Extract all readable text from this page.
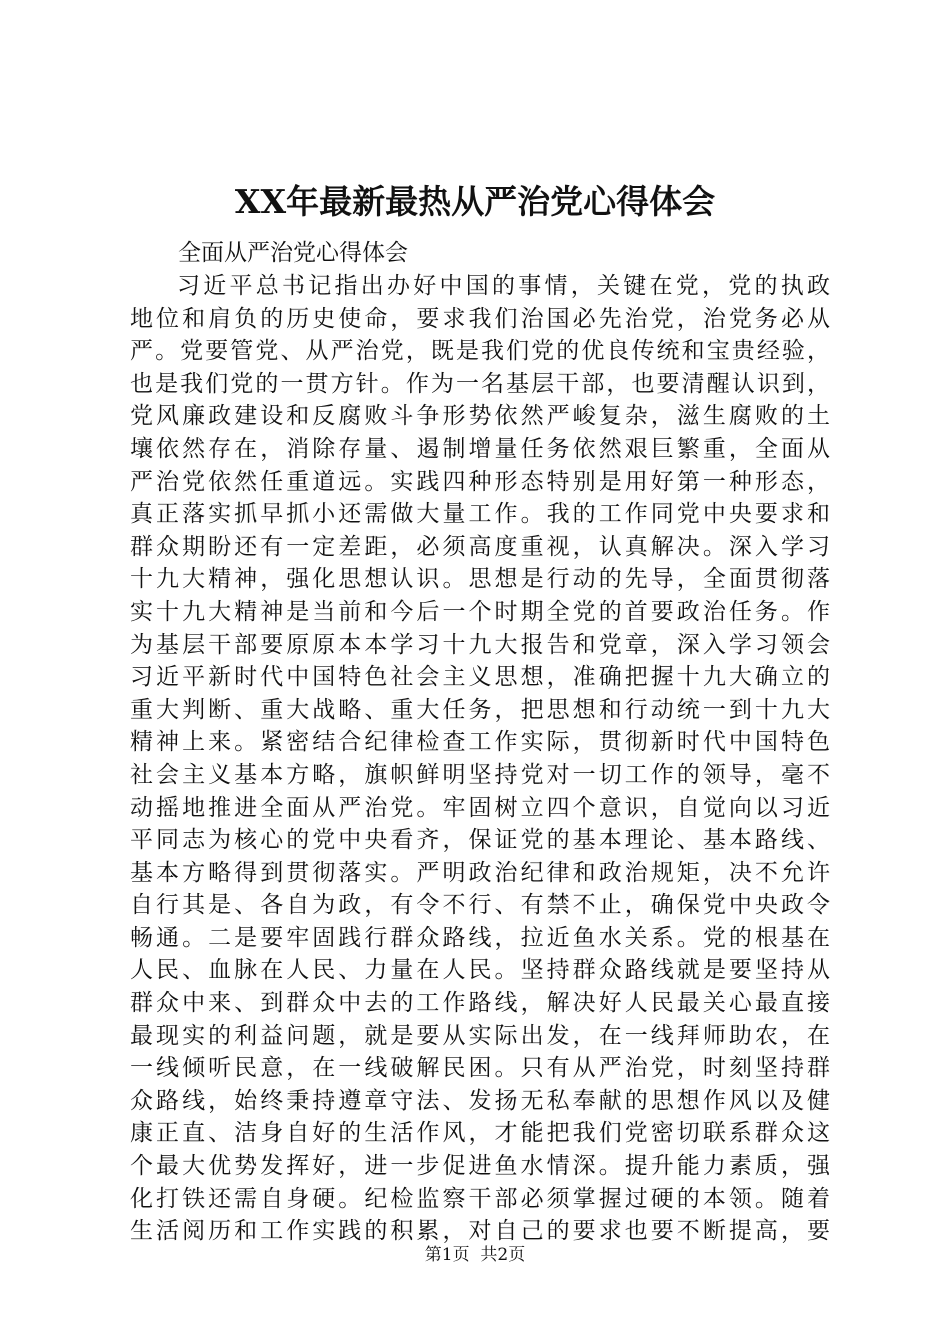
XX年最新最热从严治党心得体会

全面从严治党心得体会

习近平总书记指出办好中国的事情，关键在党，党的执政
地位和肩负的历史使命，要求我们治国必先治党，治党务必从
严。党要管党、从严治党，既是我们党的优良传统和宝贵经验，
也是我们党的一贯方针。作为一名基层干部，也要清醒认识到，
党风廉政建设和反腐败斗争形势依然严峻复杂，滋生腐败的土
壤依然存在，消除存量、遏制增量任务依然艰巨繁重，全面从
严治党依然任重道远。实践四种形态特别是用好第一种形态，
真正落实抓早抓小还需做大量工作。我的工作同党中央要求和
群众期盼还有一定差距，必须高度重视，认真解决。深入学习
十九大精神，强化思想认识。思想是行动的先导，全面贯彻落
实十九大精神是当前和今后一个时期全党的首要政治任务。作
为基层干部要原原本本学习十九大报告和党章，深入学习领会
习近平新时代中国特色社会主义思想，准确把握十九大确立的
重大判断、重大战略、重大任务，把思想和行动统一到十九大
精神上来。紧密结合纪律检查工作实际，贯彻新时代中国特色
社会主义基本方略，旗帜鲜明坚持党对一切工作的领导，毫不
动摇地推进全面从严治党。牢固树立四个意识，自觉向以习近
平同志为核心的党中央看齐，保证党的基本理论、基本路线、
基本方略得到贯彻落实。严明政治纪律和政治规矩，决不允许
自行其是、各自为政，有令不行、有禁不止，确保党中央政令
畅通。二是要牢固践行群众路线，拉近鱼水关系。党的根基在
人民、血脉在人民、力量在人民。坚持群众路线就是要坚持从
群众中来、到群众中去的工作路线，解决好人民最关心最直接
最现实的利益问题，就是要从实际出发，在一线拜师助农，在
一线倾听民意，在一线破解民困。只有从严治党，时刻坚持群
众路线，始终秉持遵章守法、发扬无私奉献的思想作风以及健
康正直、洁身自好的生活作风，才能把我们党密切联系群众这
个最大优势发挥好，进一步促进鱼水情深。提升能力素质，强
化打铁还需自身硬。纪检监察干部必须掌握过硬的本领。随着
生活阅历和工作实践的积累，对自己的要求也要不断提高，要
第1页  共2页
